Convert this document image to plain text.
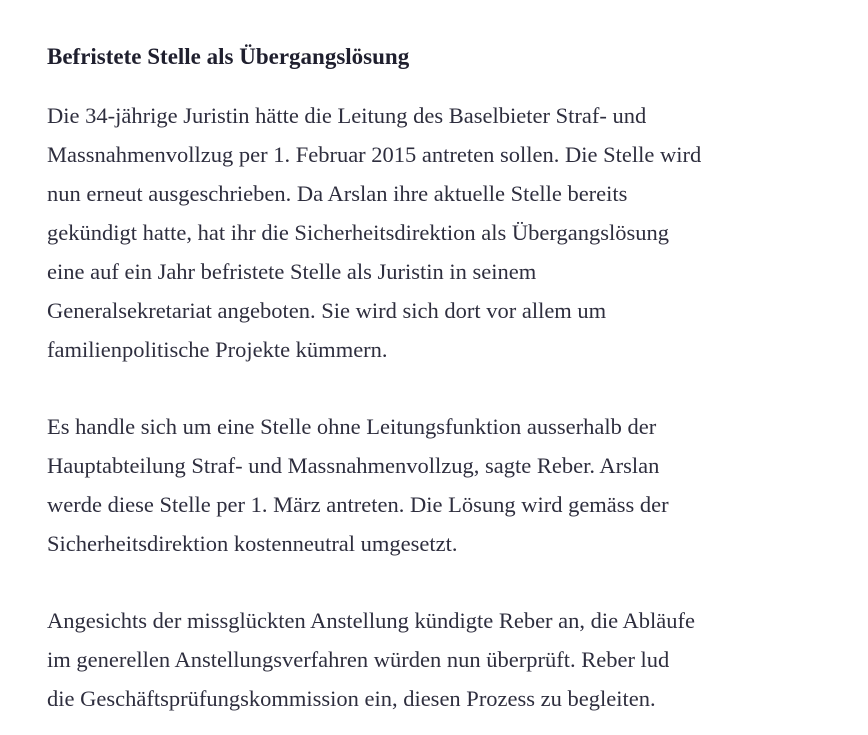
Befristete Stelle als Übergangslösung

Die 34-jährige Juristin hätte die Leitung des Baselbieter Straf- und
Massnahmenvollzug per 1. Februar 2015 antreten sollen. Die Stelle wird
nun erneut ausgeschrieben. Da Arslan ihre aktuelle Stelle bereits
gekündigt hatte, hat ihr die Sicherheitsdirektion als Übergangslösung
eine auf ein Jahr befristete Stelle als Juristin in seinem
Generalsekretariat angeboten. Sie wird sich dort vor allem um
familienpolitische Projekte kümmern.

Es handle sich um eine Stelle ohne Leitungsfunktion ausserhalb der
Hauptabteilung Straf- und Massnahmenvollzug, sagte Reber. Arslan
werde diese Stelle per 1. März antreten. Die Lösung wird gemäss der
Sicherheitsdirektion kostenneutral umgesetzt.

Angesichts der missglückten Anstellung kündigte Reber an, die Abläufe
im generellen Anstellungsverfahren würden nun überprüft. Reber lud
die Geschäftsprüfungskommission ein, diesen Prozess zu begleiten.
